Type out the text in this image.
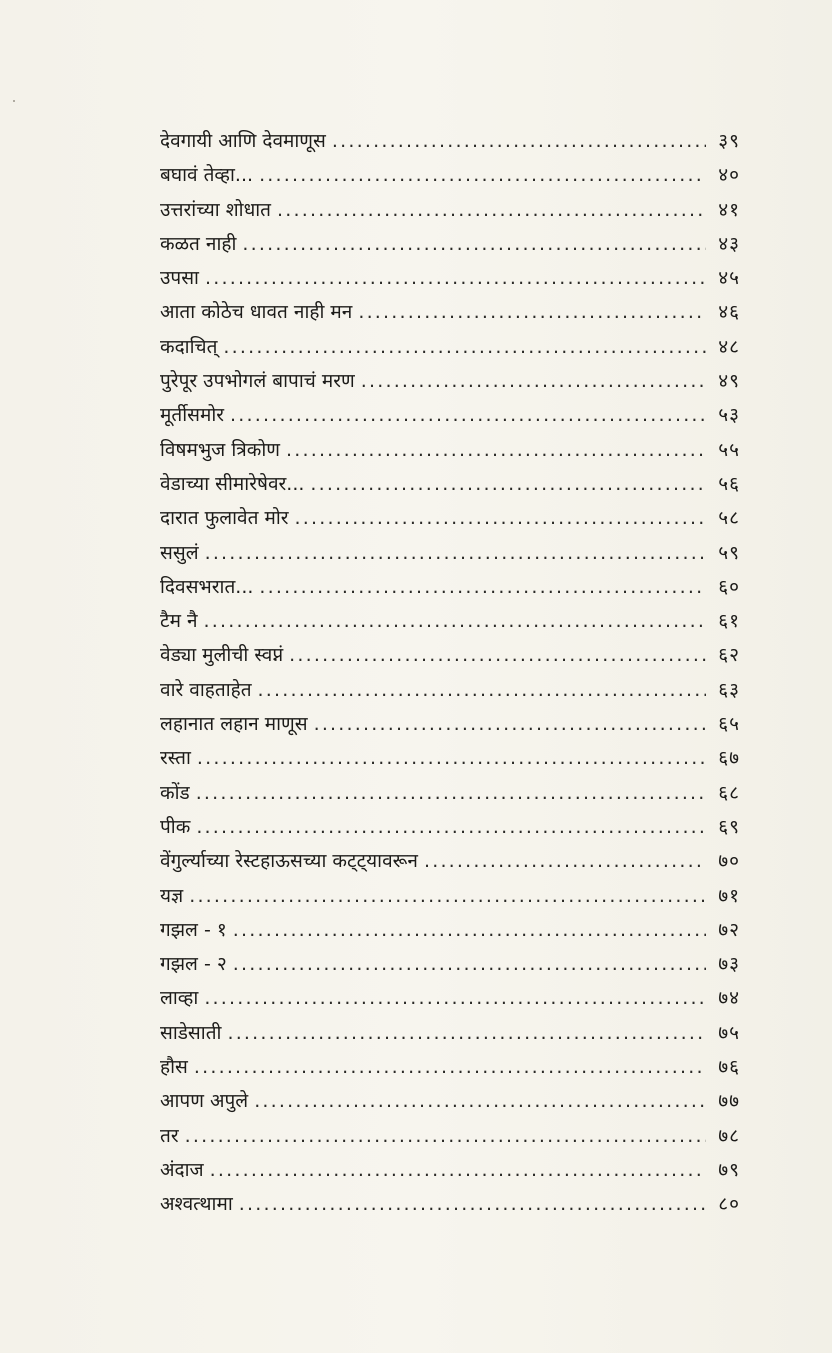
देवगायी आणि देवमाणूस .....	३९
बघावं तेव्हा... .....	४०
उत्तरांच्या शोधात .....	४१
कळत नाही .....	४३
उपसा .....	४५
आता कोठेच धावत नाही मन .....	४६
कदाचित् .....	४८
पुरेपूर उपभोगलं बापाचं मरण .....	४९
मूर्तीसमोर .....	५३
विषमभुज त्रिकोण .....	५५
वेडाच्या सीमारेषेवर... .....	५६
दारात फुलावेत मोर .....	५८
ससुलं .....	५९
दिवसभरात... .....	६०
टैम नै .....	६१
वेड्या मुलीची स्वप्नं .....	६२
वारे वाहताहेत .....	६३
लहानात लहान माणूस .....	६५
रस्ता .....	६७
कोंड .....	६८
पीक .....	६९
वेंगुर्ल्याच्या रेस्टहाऊसच्या कट्ट्यावरून .....	७०
यज्ञ .....	७१
गझल - १ .....	७२
गझल - २ .....	७३
लाव्हा .....	७४
साडेसाती .....	७५
हौस .....	७६
आपण अपुले .....	७७
तर .....	७८
अंदाज .....	७९
अश्वत्थामा .....	८०
